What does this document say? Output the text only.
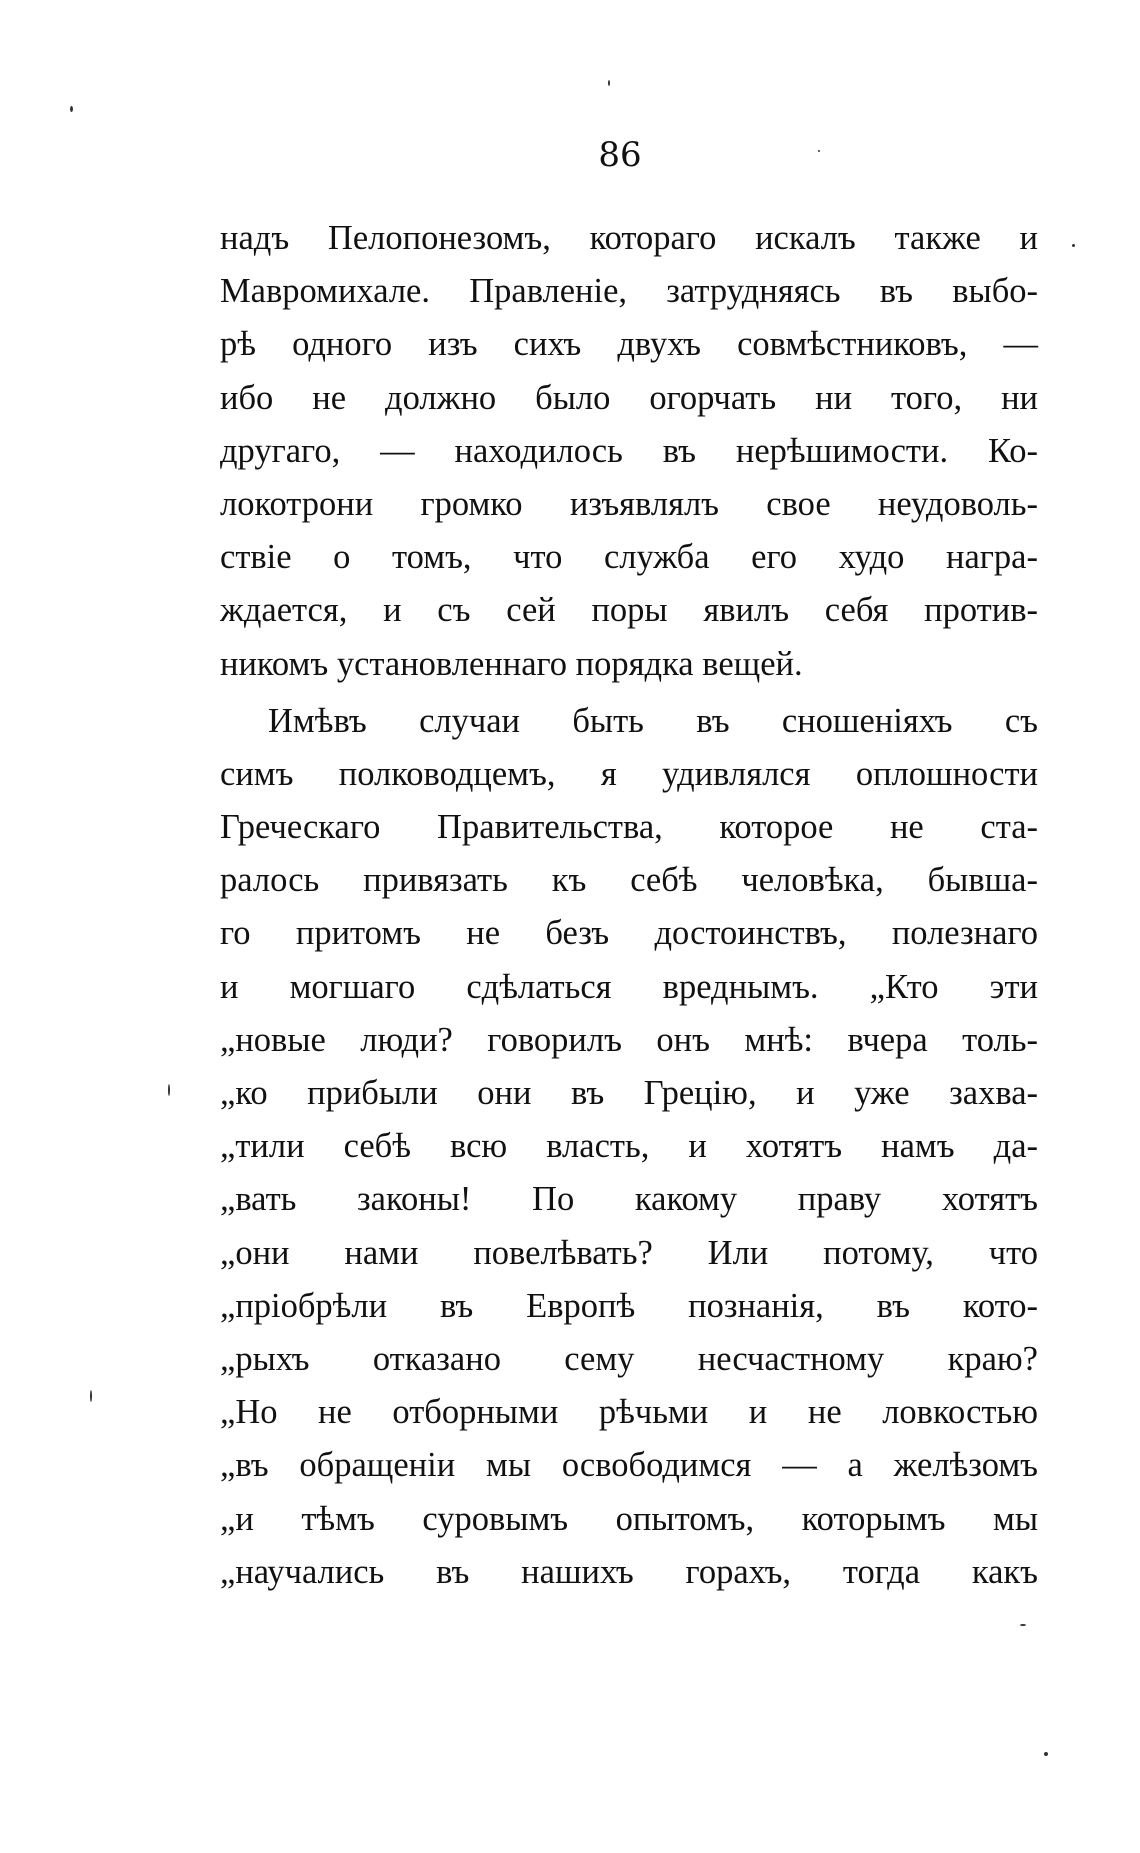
86
надъ Пелопонезомъ, котораго искалъ также и
Мавромихале. Правленіе, затрудняясь въ выбо-
рѣ одного изъ сихъ двухъ совмѣстниковъ, —
ибо не должно было огорчать ни того, ни
другаго, — находилось въ нерѣшимости. Ко-
локотрони громко изъявлялъ свое неудоволь-
ствіе о томъ, что служба его худо награ-
ждается, и съ сей поры явилъ себя против-
никомъ установленнаго порядка вещей.
Имѣвъ случаи быть въ сношеніяхъ съ
симъ полководцемъ, я удивлялся оплошности
Греческаго Правительства, которое не ста-
ралось привязать къ себѣ человѣка, бывша-
го притомъ не безъ достоинствъ, полезнаго
и могшаго сдѣлаться вреднымъ. „Кто эти
„новые люди? говорилъ онъ мнѣ: вчера толь-
„ко прибыли они въ Грецію, и уже захва-
„тили себѣ всю власть, и хотятъ намъ да-
„вать законы! По какому праву хотятъ
„они нами повелѣвать? Или потому, что
„пріобрѣли въ Европѣ познанія, въ кото-
„рыхъ отказано сему несчастному краю?
„Но не отборными рѣчьми и не ловкостью
„въ обращеніи мы освободимся — а желѣзомъ
„и тѣмъ суровымъ опытомъ, которымъ мы
„научались въ нашихъ горахъ, тогда какъ
